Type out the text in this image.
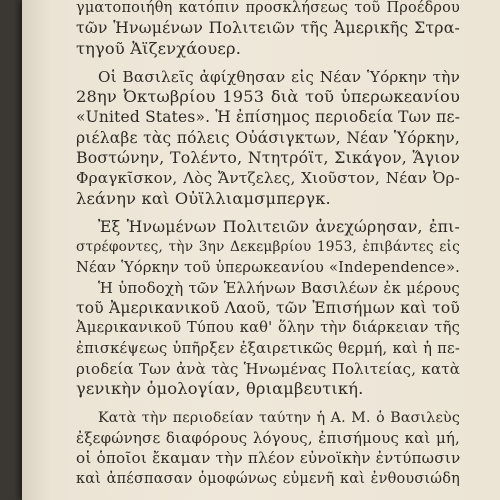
γματοποιήθη κατόπιν προσκλήσεως τοῦ Προέδρου
τῶν Ἡνωμένων Πολιτειῶν τῆς Ἀμερικῆς Στρα-
τηγοῦ Ἀϊζενχάουερ.
Οἱ Βασιλεῖς ἀφίχθησαν εἰς Νέαν Ὑόρκην τὴν
28ην Ὀκτωβρίου 1953 διὰ τοῦ ὑπερωκεανίου
«United States». Ἡ ἐπίσημος περιοδεία Των πε-
ριέλαβε τὰς πόλεις Οὐάσιγκτων, Νέαν Ὑόρκην,
Βοστώνην, Τολέντο, Ντητρόϊτ, Σικάγον, Ἅγιον
Φραγκῖσκον, Λὸς Ἄντζελες, Χιοῦστον, Νέαν Ὀρ-
λεάνην καὶ Οὐϊλλιαμσμπεργκ.
Ἐξ Ἡνωμένων Πολιτειῶν ἀνεχώρησαν, ἐπι-
στρέφοντες, τὴν 3ην Δεκεμβρίου 1953, ἐπιβάντες εἰς
Νέαν Ὑόρκην τοῦ ὑπερωκεανίου «Independence».
Ἡ ὑποδοχὴ τῶν Ἑλλήνων Βασιλέων ἐκ μέρους
τοῦ Ἀμερικανικοῦ Λαοῦ, τῶν Ἐπισήμων καὶ τοῦ
Ἀμερικανικοῦ Τύπου καθ' ὅλην τὴν διάρκειαν τῆς
ἐπισκέψεως ὑπῆρξεν ἐξαιρετικῶς θερμή, καὶ ἡ πε-
ριοδεία Των ἀνὰ τὰς Ἡνωμένας Πολιτείας, κατὰ
γενικὴν ὁμολογίαν, θριαμβευτική.
Κατὰ τὴν περιοδείαν ταύτην ἡ Α. Μ. ὁ Βασιλεὺς
ἐξεφώνησε διαφόρους λόγους, ἐπισήμους καὶ μή,
οἱ ὁποῖοι ἔκαμαν τὴν πλέον εὐνοϊκὴν ἐντύπωσιν
καὶ ἀπέσπασαν ὁμοφώνως εὐμενῆ καὶ ἐνθουσιώδη
